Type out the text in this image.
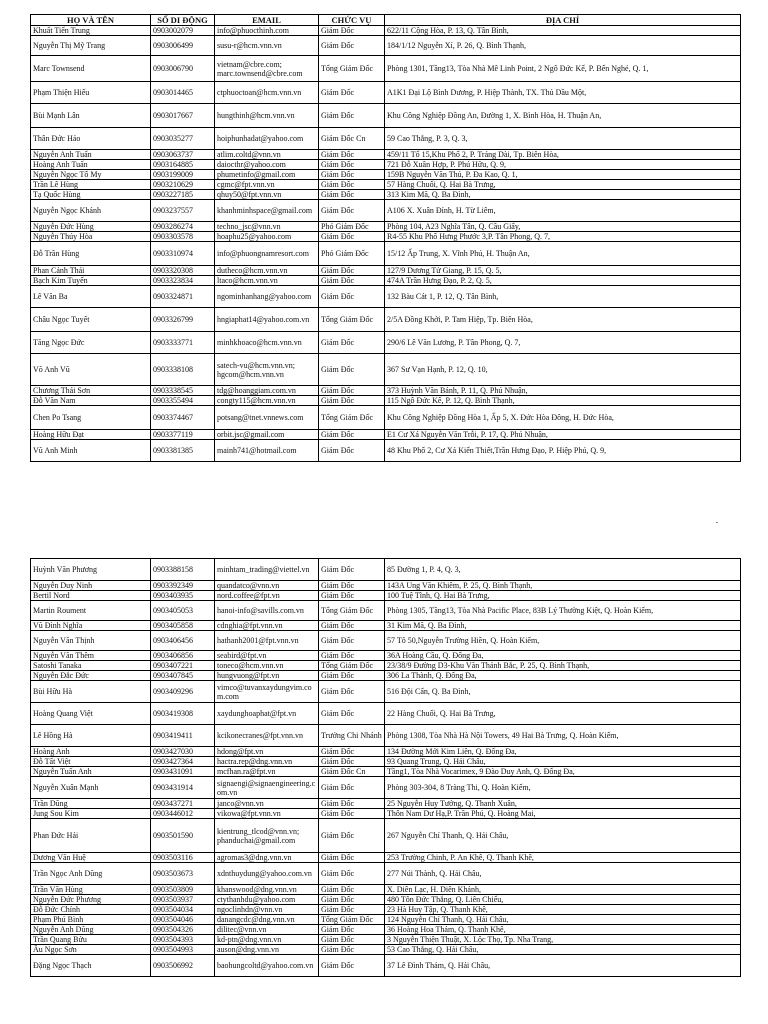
HỌ VÀ TÊN	SỐ DI ĐỘNG	EMAIL	CHỨC VỤ	ĐỊA CHỈ
Khuất Tiến Trung	0903002079	info@phuocthinh.com	Giám Đốc	622/11 Cộng Hòa, P. 13, Q. Tân Bình,
Nguyễn Thị Mỹ Trang	0903006499	susu-r@hcm.vnn.vn	Giám Đốc	184/1/12 Nguyễn Xí, P. 26, Q. Bình Thạnh,
Marc Townsend	0903006790	vietnam@cbre.com; marc.townsend@cbre.com	Tổng Giám Đốc	Phòng 1301, Tầng13, Tòa Nhà Mê Linh Point, 2 Ngô Đức Kế, P. Bến Nghé, Q. 1,
Phạm Thiện Hiếu	0903014465	ctphuoctoan@hcm.vnn.vn	Giám Đốc	A1K1 Đại Lộ Bình Dương, P. Hiệp Thành, TX. Thủ Dầu Một,
Bùi Mạnh Lân	0903017667	hungthinh@hcm.vnn.vn	Giám Đốc	Khu Công Nghiệp Đồng An, Đường 1, X. Bình Hòa, H. Thuận An,
Thân Đức Hảo	0903035277	hoiphunhadat@yahoo.com	Giám Đốc Cn	59 Cao Thắng, P. 3, Q. 3,
Nguyễn Anh Tuấn	0903063737	atlim.coltd@vnn.vn	Giám Đốc	459/11 Tổ 15,Khu Phố 2, P. Trảng Dài, Tp. Biên Hòa,
Hoàng Anh Tuấn	0903164885	daiocthr@yahoo.com	Giám Đốc	721 Đỗ Xuân Hợp, P. Phú Hữu, Q. 9,
Nguyễn Ngọc Tố My	0903199009	phumetinfo@gmail.com	Giám Đốc	159B Nguyễn Văn Thủ, P. Đa Kao, Q. 1,
Trần Lê Hùng	0903210629	cgmc@fpt.vnn.vn	Giám Đốc	57 Hàng Chuối, Q. Hai Bà Trưng,
Tạ Quốc Hùng	0903227185	qhuy50@fpt.vnn.vn	Giám Đốc	313 Kim Mã, Q. Ba Đình,
Nguyễn Ngọc Khánh	0903237557	khanhminhspace@gmail.com	Giám Đốc	A106 X. Xuân Đỉnh, H. Từ Liêm,
Nguyễn Đức Hùng	0903286274	techno_jsc@vnn.vn	Phó Giám Đốc	Phòng 104, A23 Nghĩa Tân, Q. Cầu Giấy,
Nguyễn Thúy Hòa	0903303578	hoaphu25@yahoo.com	Giám Đốc	R4-55 Khu Phố Hưng Phước 3,P. Tân Phong, Q. 7,
Đỗ Trần Hùng	0903310974	info@phuongnamresort.com	Phó Giám Đốc	15/12 Ấp Trung, X. Vĩnh Phú, H. Thuận An,
Phan Cảnh Thái	0903320308	dutheco@hcm.vnn.vn	Giám Đốc	127/9 Dương Tử Giang, P. 15, Q. 5,
Bạch Kim Tuyến	0903323834	ltaco@hcm.vnn.vn	Giám Đốc	474A Trần Hưng Đạo, P. 2, Q. 5,
Lê Văn Ba	0903324871	ngominhanhang@yahoo.com	Giám Đốc	132 Bàu Cát 1, P. 12, Q. Tân Bình,
Châu Ngọc Tuyết	0903326799	hngiaphat14@yahoo.com.vn	Tổng Giám Đốc	2/5A Đồng Khởi, P. Tam Hiệp, Tp. Biên Hòa,
Tăng Ngọc Đức	0903333771	minhkhoaco@hcm.vnn.vn	Giám Đốc	290/6 Lê Văn Lương, P. Tân Phong, Q. 7,
Võ Anh Vũ	0903338108	satech-vu@hcm.vnn.vn; hgcom@hcm.vnn.vn	Giám Đốc	367 Sư Vạn Hạnh, P. 12, Q. 10,
Chương Thái Sơn	0903338545	tdg@hoanggiam.com.vn	Giám Đốc	373 Huỳnh Văn Bánh, P. 11, Q. Phú Nhuận,
Đỗ Văn Nam	0903355494	congty115@hcm.vnn.vn	Giám Đốc	115 Ngô Đức Kế, P. 12, Q. Bình Thạnh,
Chen Po Tsang	0903374467	potsang@tnet.vnnews.com	Tổng Giám Đốc	Khu Công Nghiệp Đồng Hòa 1, Ấp 5, X. Đức Hòa Đông, H. Đức Hòa,
Hoàng Hữu Đạt	0903377119	orbit.jsc@gmail.com	Giám Đốc	E1 Cư Xá Nguyễn Văn Trỗi, P. 17, Q. Phú Nhuận,
Vũ Anh Minh	0903381385	mainh741@hotmail.com	Giám Đốc	48 Khu Phố 2, Cư Xá Kiến Thiết,Trần Hưng Đạo, P. Hiệp Phú, Q. 9,
Huỳnh Văn Phương	0903388158	minhtam_trading@viettel.vn	Giám Đốc	85 Đường 1, P. 4, Q. 3,
Nguyễn Duy Ninh	0903392349	quandatco@vnn.vn	Giám Đốc	143A Ung Văn Khiêm, P. 25, Q. Bình Thạnh,
Bertil Nord	0903403935	nord.coffee@fpt.vn	Giám Đốc	100 Tuệ Tĩnh, Q. Hai Bà Trưng,
Martin Roument	0903405053	hanoi-info@savills.com.vn	Tổng Giám Đốc	Phòng 1305, Tầng13, Tòa Nhà Pacific Place, 83B Lý Thường Kiệt, Q. Hoàn Kiếm,
Vũ Đình Nghĩa	0903405858	cdnghia@fpt.vnn.vn	Giám Đốc	31 Kim Mã, Q. Ba Đình,
Nguyễn Văn Thịnh	0903406456	hathanh2001@fpt.vnn.vn	Giám Đốc	57 Tô 50,Nguyễn Trường Hiền, Q. Hoàn Kiếm,
Nguyễn Văn Thêm	0903406856	seabird@fpt.vn	Giám Đốc	36A Hoàng Cầu, Q. Đống Đa,
Satoshi Tanaka	0903407221	toneco@hcm.vnn.vn	Tổng Giám Đốc	23/38/9 Đường D3-Khu Văn Thánh Bắc, P. 25, Q. Bình Thạnh,
Nguyễn Đắc Đức	0903407845	hungvuong@fpt.vn	Giám Đốc	306 La Thành, Q. Đống Đa,
Bùi Hữu Hà	0903409296	vimco@tuvanxaydungvim.com.com	Giám Đốc	516 Đội Cấn, Q. Ba Đình,
Hoàng Quang Việt	0903419308	xaydunghoaphat@fpt.vn	Giám Đốc	22 Hàng Chuối, Q. Hai Bà Trưng,
Lê Hồng Hà	0903419411	kcikonecranes@fpt.vnn.vn	Trưởng Chi Nhánh	Phòng 1308, Tòa Nhà Hà Nội Towers, 49 Hai Bà Trưng, Q. Hoàn Kiếm,
Hoàng Anh	0903427030	hdong@fpt.vn	Giám Đốc	134 Đường Mới Kim Liên, Q. Đống Đa,
Đỗ Tất Việt	0903427364	hactra.rep@dng.vnn.vn	Giám Đốc	93 Quang Trung, Q. Hải Châu,
Nguyễn Tuấn Anh	0903431091	mcfhan.ra@fpt.vn	Giám Đốc Cn	Tầng1, Tòa Nhà Vocarimex, 9 Đào Duy Anh, Q. Đống Đa,
Nguyễn Xuân Mạnh	0903431914	signaengi@signaengineering.com.vn	Giám Đốc	Phòng 303-304, 8 Tràng Thi, Q. Hoàn Kiếm,
Trần Dũng	0903437271	janco@vnn.vn	Giám Đốc	25 Nguyễn Huy Tưởng, Q. Thanh Xuân,
Jung Sou Kim	0903446012	vikowa@fpt.vnn.vn	Giám Đốc	Thôn Nam Dư Hạ,P. Trần Phú, Q. Hoàng Mai,
Phan Đức Hải	0903501590	kientrung_tlcod@vnn.vn; phanduchai@gmail.com	Giám Đốc	267 Nguyễn Chí Thanh, Q. Hải Châu,
Dương Văn Huệ	0903503116	agromas3@dng.vnn.vn	Giám Đốc	253 Trường Chinh, P. An Khê, Q. Thanh Khê,
Trần Ngọc Anh Dũng	0903503673	xdnthuydung@yahoo.com.vn	Giám Đốc	277 Núi Thành, Q. Hải Châu,
Trần Văn Hùng	0903503809	khanswood@dng.vnn.vn	Giám Đốc	X. Diên Lạc, H. Diên Khánh,
Nguyễn Đức Phương	0903503937	ctythanhdu@yahoo.com	Giám Đốc	480 Tôn Đức Thắng, Q. Liên Chiểu,
Đỗ Đức Chính	0903504034	ngoclinhdn@vnn.vn	Giám Đốc	23 Hà Huy Tập, Q. Thanh Khê,
Phạm Phú Bình	0903504046	danangcdc@dng.vnn.vn	Tổng Giám Đốc	124 Nguyễn Chí Thanh, Q. Hải Châu,
Nguyễn Anh Dũng	0903504326	dilitec@vnn.vn	Giám Đốc	36 Hoàng Hoa Thám, Q. Thanh Khê,
Trần Quang Bửu	0903504393	kd-ptn@dng.vnn.vn	Giám Đốc	3 Nguyễn Thiện Thuật, X. Lộc Thọ, Tp. Nha Trang,
Âu Ngọc Sơn	0903504993	auson@dng.vnn.vn	Giám Đốc	53 Cao Thắng, Q. Hải Châu,
Đặng Ngọc Thạch	0903506992	baohungcoltd@yahoo.com.vn	Giám Đốc	37 Lê Đình Thám, Q. Hải Châu,
